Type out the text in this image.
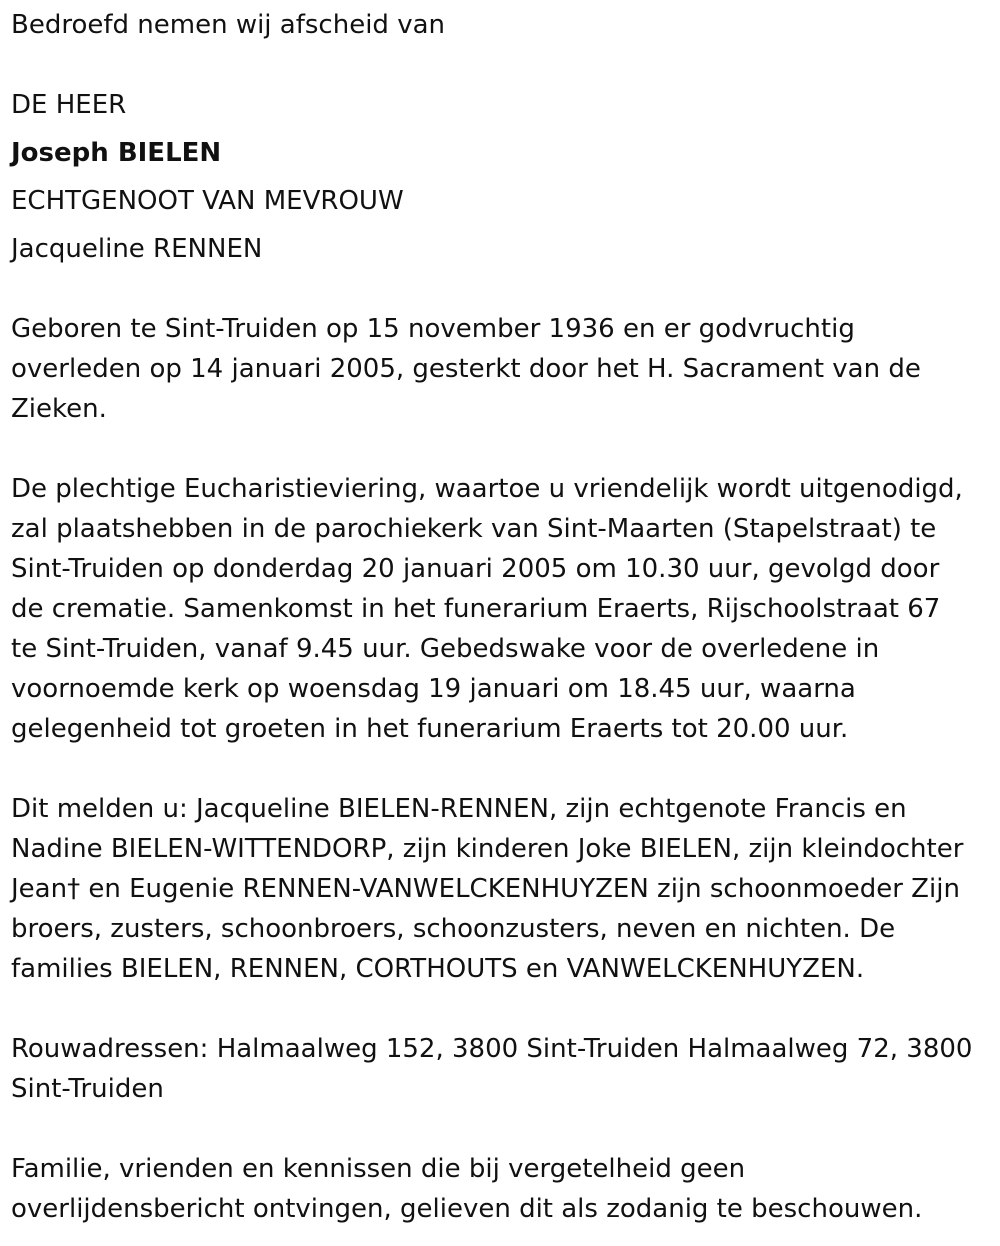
Bedroefd nemen wij afscheid van

DE HEER

Joseph BIELEN

ECHTGENOOT VAN MEVROUW

Jacqueline RENNEN

Geboren te Sint-Truiden op 15 november 1936 en er godvruchtig
overleden op 14 januari 2005, gesterkt door het H. Sacrament van de
Zieken.
De plechtige Eucharistieviering, waartoe u vriendelijk wordt uitgenodigd,
zal plaatshebben in de parochiekerk van Sint-Maarten (Stapelstraat) te
Sint-Truiden op donderdag 20 januari 2005 om 10.30 uur, gevolgd door
de crematie. Samenkomst in het funerarium Eraerts, Rijschoolstraat 67
te Sint-Truiden, vanaf 9.45 uur. Gebedswake voor de overledene in
voornoemde kerk op woensdag 19 januari om 18.45 uur, waarna
gelegenheid tot groeten in het funerarium Eraerts tot 20.00 uur.
Dit melden u: Jacqueline BIELEN-RENNEN, zijn echtgenote Francis en
Nadine BIELEN-WITTENDORP, zijn kinderen Joke BIELEN, zijn kleindochter
Jean† en Eugenie RENNEN-VANWELCKENHUYZEN zijn schoonmoeder Zijn
broers, zusters, schoonbroers, schoonzusters, neven en nichten. De
families BIELEN, RENNEN, CORTHOUTS en VANWELCKENHUYZEN.
Rouwadressen: Halmaalweg 152, 3800 Sint-Truiden Halmaalweg 72, 3800
Sint-Truiden
Familie, vrienden en kennissen die bij vergetelheid geen
overlijdensbericht ontvingen, gelieven dit als zodanig te beschouwen.
